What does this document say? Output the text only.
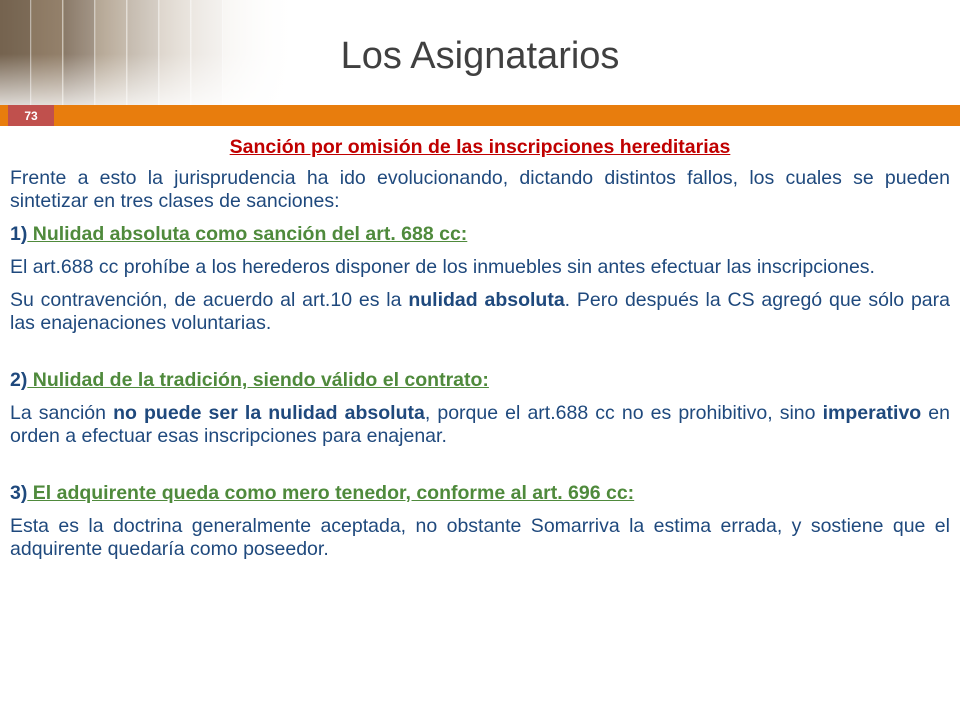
Los Asignatarios
73

Sanción por omisión de las inscripciones hereditarias

Frente a esto la jurisprudencia ha ido evolucionando, dictando distintos fallos, los cuales se pueden sintetizar en tres clases de sanciones:

1) Nulidad absoluta como sanción del art. 688 cc:

El art.688 cc prohíbe a los herederos disponer de los inmuebles sin antes efectuar las inscripciones.

Su contravención, de acuerdo al art.10 es la nulidad absoluta. Pero después la CS agregó que sólo para las enajenaciones voluntarias.

2) Nulidad de la tradición, siendo válido el contrato:

La sanción no puede ser la nulidad absoluta, porque el art.688 cc no es prohibitivo, sino imperativo en orden a efectuar esas inscripciones para enajenar.

3) El adquirente queda como mero tenedor, conforme al art. 696 cc:

Esta es la doctrina generalmente aceptada, no obstante Somarriva la estima errada, y sostiene que el adquirente quedaría como poseedor.
